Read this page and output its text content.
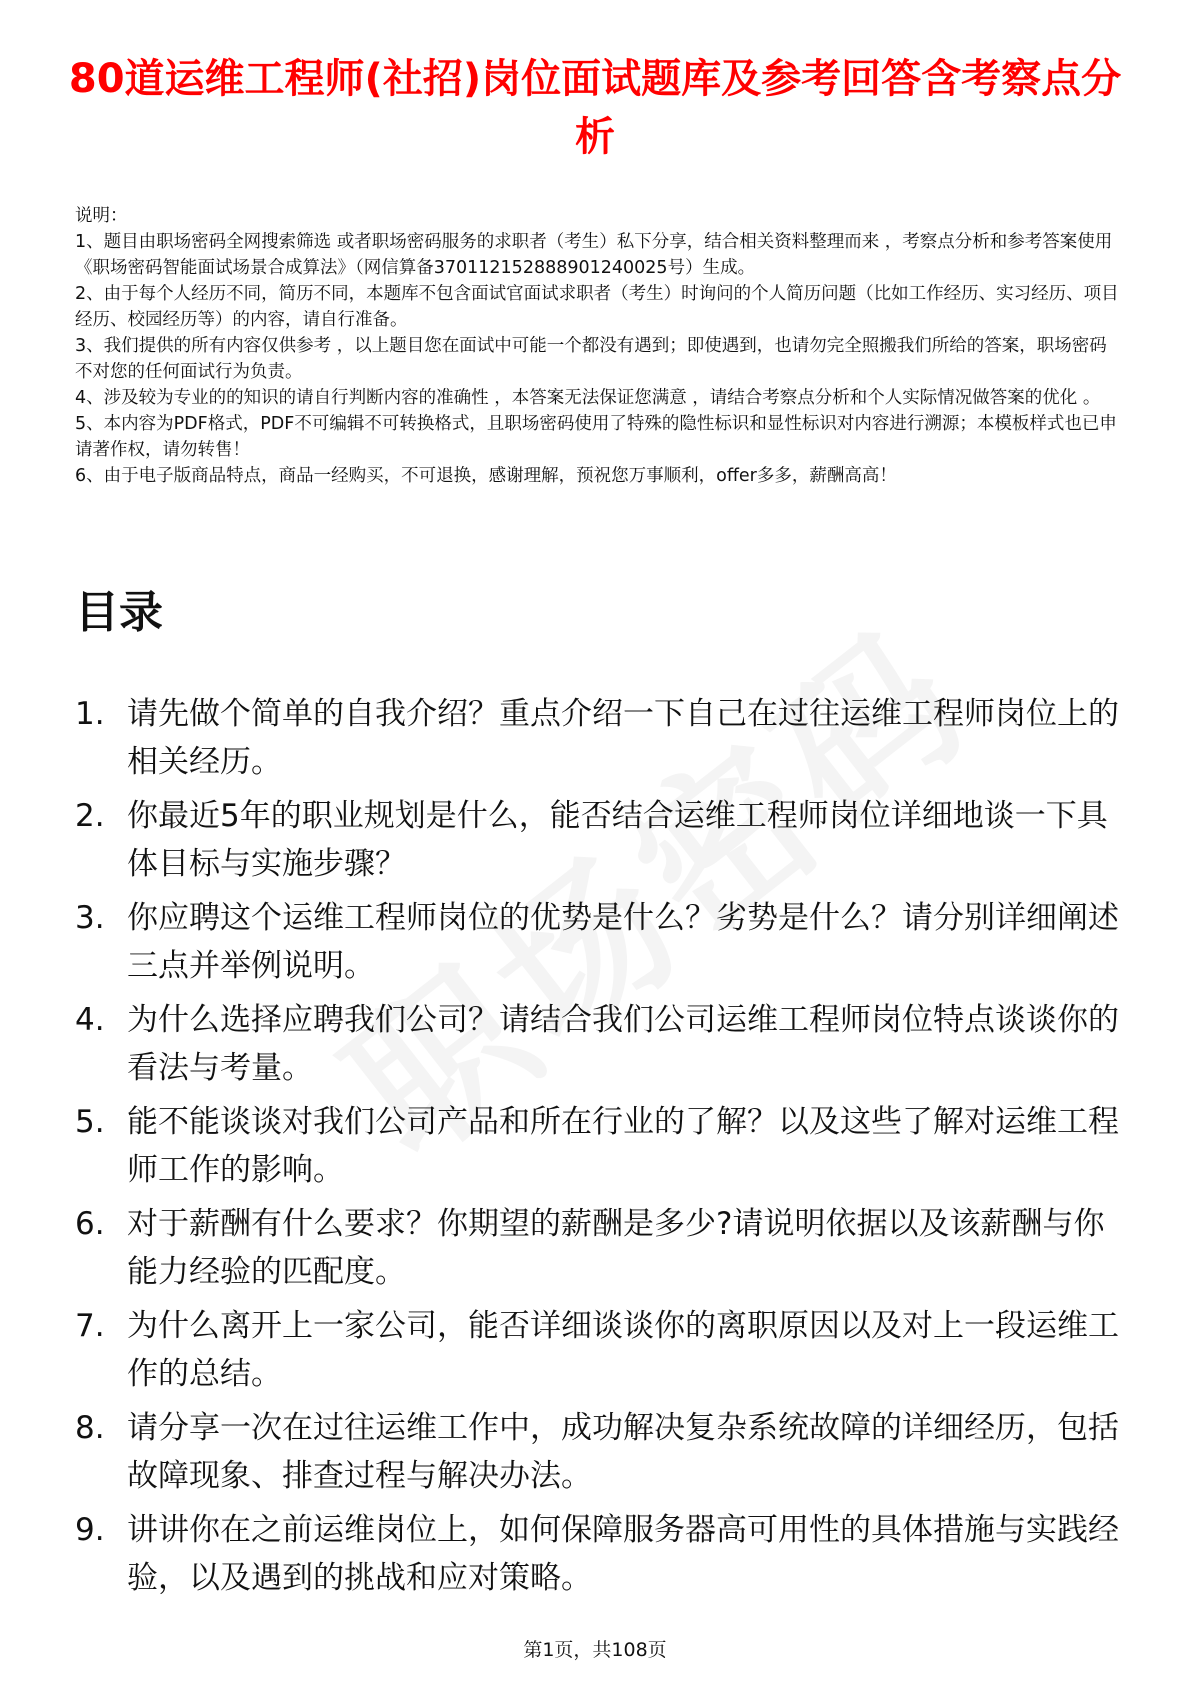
80道运维工程师(社招)岗位面试题库及参考回答含考察点分析

说明：

1、题目由职场密码全网搜索筛选 或者职场密码服务的求职者（考生）私下分享，结合相关资料整理而来 ，考察点分析和参考答案使用《职场密码智能面试场景合成算法》（网信算备370112152888901240025号）生成。

2、由于每个人经历不同，简历不同，本题库不包含面试官面试求职者（考生）时询问的个人简历问题（比如工作经历、实习经历、项目经历、校园经历等）的内容，请自行准备。

3、我们提供的所有内容仅供参考 ，以上题目您在面试中可能一个都没有遇到；即使遇到，也请勿完全照搬我们所给的答案，职场密码不对您的任何面试行为负责。

4、涉及较为专业的的知识的请自行判断内容的准确性 ，本答案无法保证您满意 ，请结合考察点分析和个人实际情况做答案的优化 。

5、本内容为PDF格式，PDF不可编辑不可转换格式，且职场密码使用了特殊的隐性标识和显性标识对内容进行溯源；本模板样式也已申请著作权，请勿转售！

6、由于电子版商品特点，商品一经购买，不可退换，感谢理解，预祝您万事顺利，offer多多，薪酬高高！

目录
1. 请先做个简单的自我介绍？重点介绍一下自己在过往运维工程师岗位上的相关经历。
2. 你最近5年的职业规划是什么，能否结合运维工程师岗位详细地谈一下具体目标与实施步骤？
3. 你应聘这个运维工程师岗位的优势是什么？劣势是什么？请分别详细阐述三点并举例说明。
4. 为什么选择应聘我们公司？请结合我们公司运维工程师岗位特点谈谈你的看法与考量。
5. 能不能谈谈对我们公司产品和所在行业的了解？以及这些了解对运维工程师工作的影响。
6. 对于薪酬有什么要求？你期望的薪酬是多少?请说明依据以及该薪酬与你能力经验的匹配度。
7. 为什么离开上一家公司，能否详细谈谈你的离职原因以及对上一段运维工作的总结。
8. 请分享一次在过往运维工作中，成功解决复杂系统故障的详细经历，包括故障现象、排查过程与解决办法。
9. 讲讲你在之前运维岗位上，如何保障服务器高可用性的具体措施与实践经验，以及遇到的挑战和应对策略。
第1页，共108页
